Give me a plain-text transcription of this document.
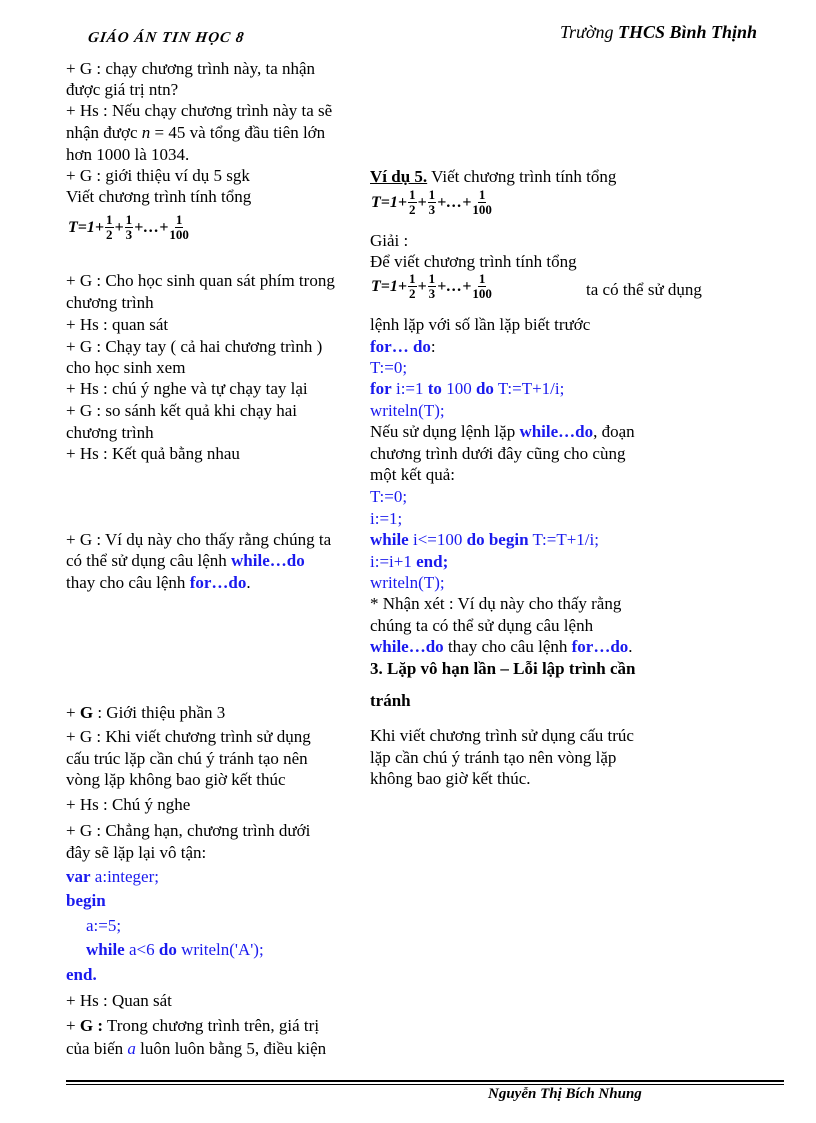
GIÁO ÁN TIN HỌC 8	Trường THCS Bình Thịnh
+ G : chạy chương trình này, ta nhận
được giá trị ntn?
+ Hs : Nếu chạy chương trình này ta sẽ
nhận được n = 45 và tổng đầu tiên lớn
hơn 1000 là 1034.
+ G : giới thiệu ví dụ 5 sgk
Viết chương trình tính tổng
+ G : Cho học sinh quan sát phím trong
chương trình
+ Hs : quan sát
+ G : Chạy tay ( cả hai chương trình )
cho học sinh xem
+ Hs : chú ý nghe và tự chạy tay lại
+ G : so sánh kết quả khi chạy hai
chương trình
+ Hs : Kết quả bằng nhau
+ G : Ví dụ này cho thấy rằng chúng ta
có thể sử dụng câu lệnh while…do
thay cho câu lệnh for…do.
+ G : Giới thiệu phần 3
+ G : Khi viết chương trình sử dụng
cấu trúc lặp cần chú ý tránh tạo nên
vòng lặp không bao giờ kết thúc
+ Hs : Chú ý nghe
+ G : Chẳng hạn, chương trình dưới
đây sẽ lặp lại vô tận:
var a:integer;
begin
a:=5;
while a<6 do writeln('A');
end.
+ Hs : Quan sát
+ G : Trong chương trình trên, giá trị
của biến a luôn luôn bằng 5, điều kiện
$T =1+ \frac{1}{2} + \frac{1}{3}$ +…+ $\frac{1}{100}$
Ví dụ 5. Viết chương trình tính tổng
Giải :
Để viết chương trình tính tổng
ta có thể sử dụng
lệnh lặp với số lần lặp biết trước
for… do:
T:=0;
for i:=1 to 100 do T:=T+1/i;
writeln(T);
Nếu sử dụng lệnh lặp while…do, đoạn
chương trình dưới đây cũng cho cùng
một kết quả:
T:=0;
i:=1;
while i<=100 do begin T:=T+1/i;
i:=i+1 end;
writeln(T);
* Nhận xét : Ví dụ này cho thấy rằng
chúng ta có thể sử dụng câu lệnh
while…do thay cho câu lệnh for…do.
3. Lặp vô hạn lần – Lỗi lập trình cần
tránh
Khi viết chương trình sử dụng cấu trúc
lặp cần chú ý tránh tạo nên vòng lặp
không bao giờ kết thúc.
$T =1+ \frac{1}{2} + \frac{1}{3}$ +…+ $\frac{1}{100}$
$T =1+ \frac{1}{2} + \frac{1}{3}$ +…+ $\frac{1}{100}$
Nguyễn Thị Bích Nhung
